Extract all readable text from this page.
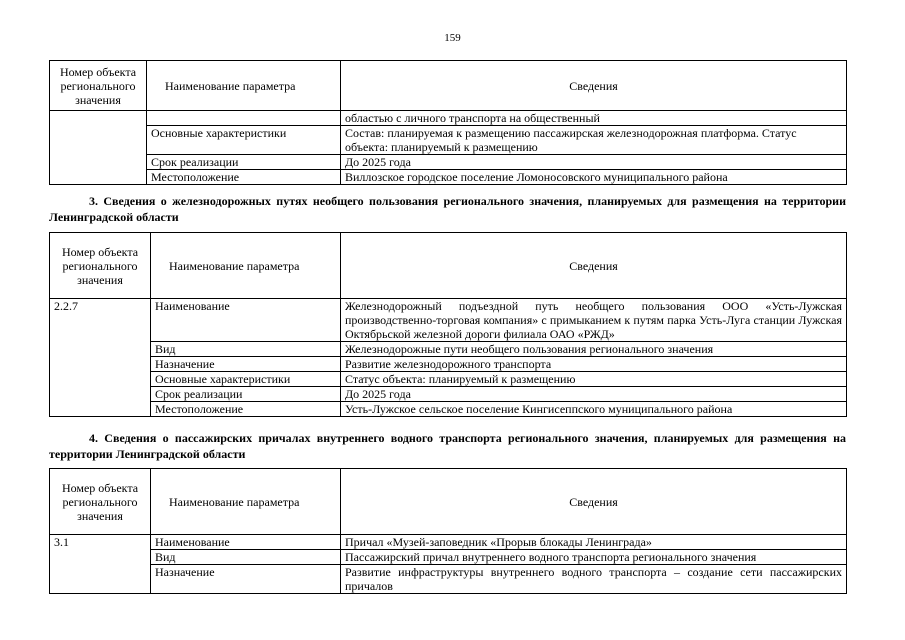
159
Номер объекта регионального значения	Наименование параметра	Сведения
		областью с личного транспорта на общественный
	Основные характеристики	Состав: планируемая к размещению пассажирская железнодорожная платформа. Статус объекта: планируемый к размещению
	Срок реализации	До 2025 года
	Местоположение	Виллозское городское поселение Ломоносовского муниципального района
3. Сведения о железнодорожных путях необщего пользования регионального значения, планируемых для размещения на территории Ленинградской области
Номер объекта регионального значения	Наименование параметра	Сведения
2.2.7	Наименование	Железнодорожный подъездной путь необщего пользования ООО «Усть-Лужская производственно-торговая компания» с примыканием к путям парка Усть-Луга станции Лужская Октябрьской железной дороги филиала ОАО «РЖД»
	Вид	Железнодорожные пути необщего пользования регионального значения
	Назначение	Развитие железнодорожного транспорта
	Основные характеристики	Статус объекта: планируемый к размещению
	Срок реализации	До 2025 года
	Местоположение	Усть-Лужское сельское поселение Кингисеппского муниципального района
4. Сведения о пассажирских причалах внутреннего водного транспорта регионального значения, планируемых для размещения на территории Ленинградской области
Номер объекта регионального значения	Наименование параметра	Сведения
3.1	Наименование	Причал «Музей-заповедник «Прорыв блокады Ленинграда»
	Вид	Пассажирский причал внутреннего водного транспорта регионального значения
	Назначение	Развитие инфраструктуры внутреннего водного транспорта – создание сети пассажирских причалов
